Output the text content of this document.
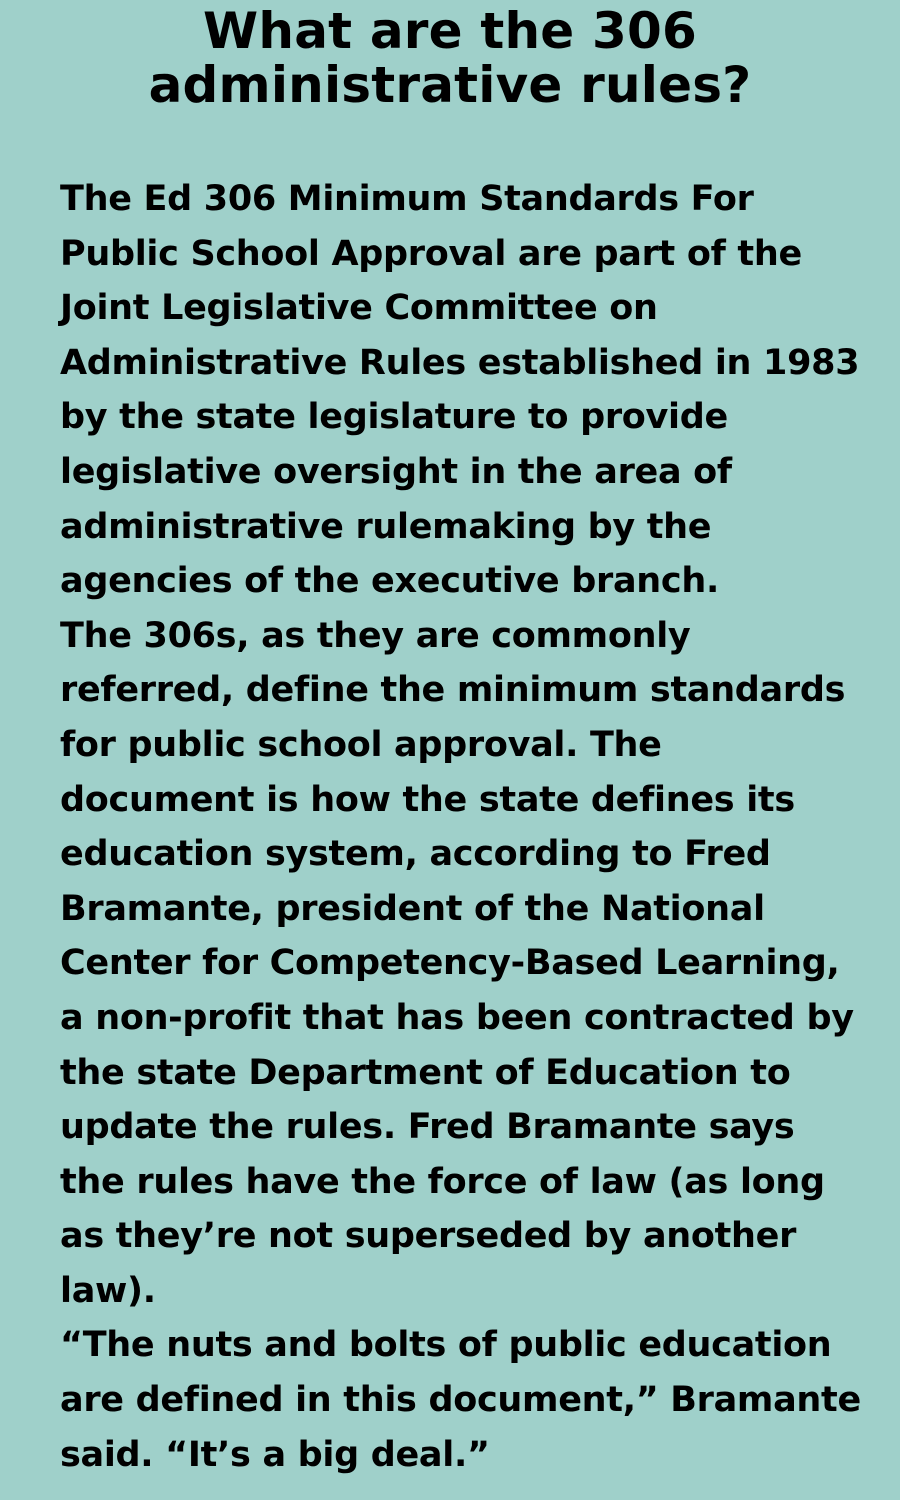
What are the 306
administrative rules?
The Ed 306 Minimum Standards For
Public School Approval are part of the
Joint Legislative Committee on
Administrative Rules established in 1983
by the state legislature to provide
legislative oversight in the area of
administrative rulemaking by the
agencies of the executive branch.
The 306s, as they are commonly
referred, define the minimum standards
for public school approval. The
document is how the state defines its
education system, according to Fred
Bramante, president of the National
Center for Competency-Based Learning,
a non-profit that has been contracted by
the state Department of Education to
update the rules. Fred Bramante says
the rules have the force of law (as long
as they’re not superseded by another
law).
“The nuts and bolts of public education
are defined in this document,” Bramante
said. “It’s a big deal.”
